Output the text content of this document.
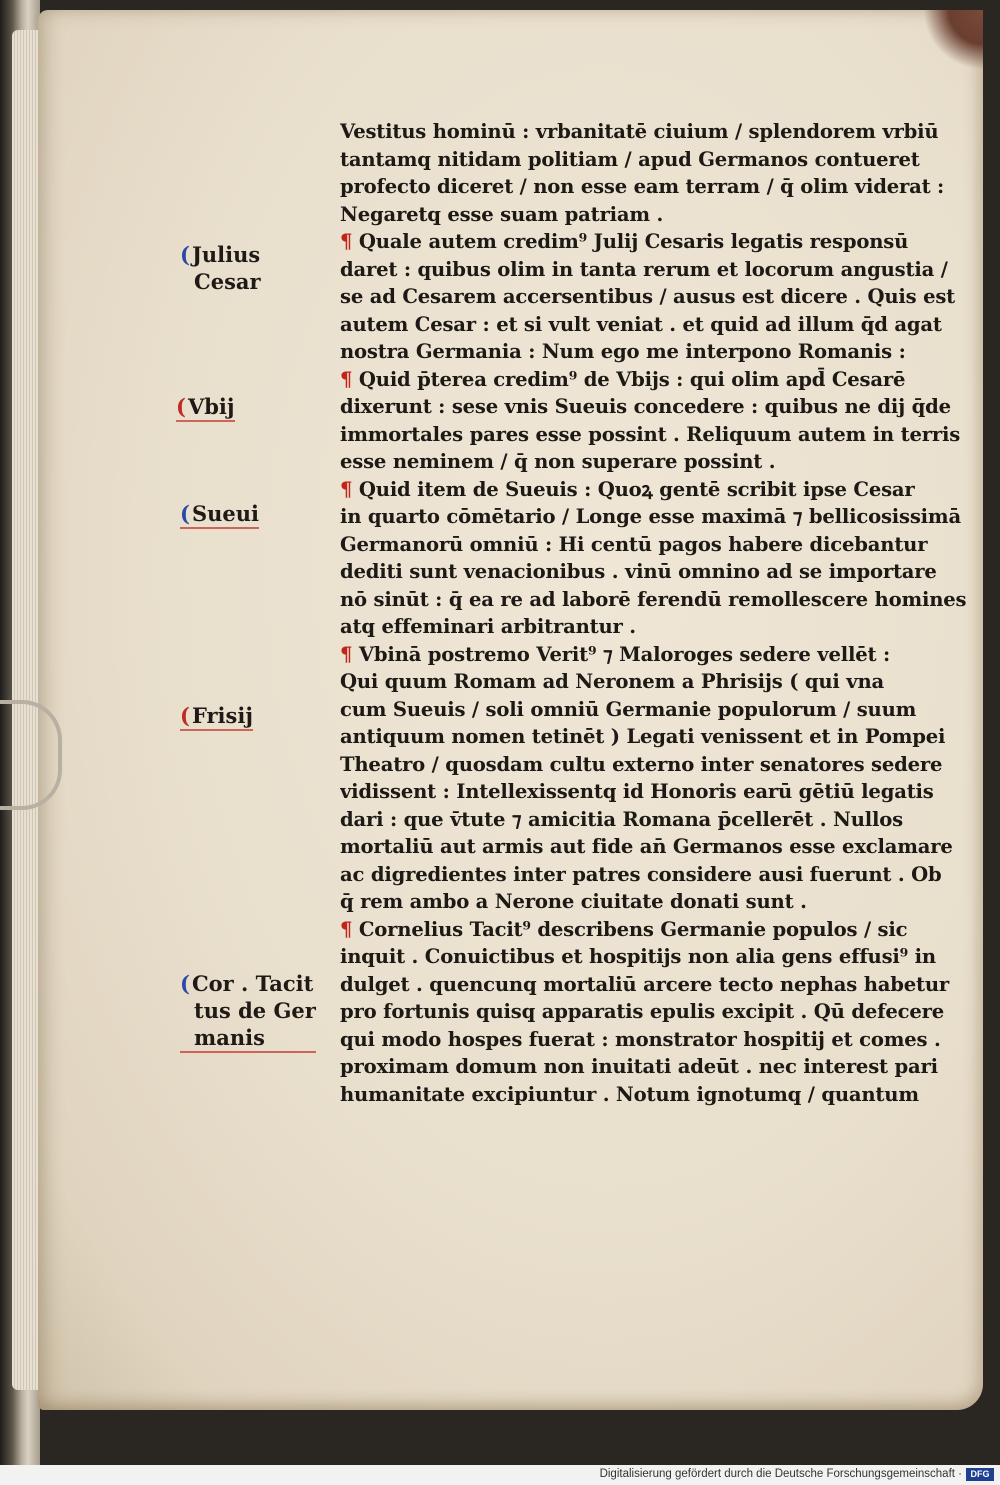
(Julius
Cesar
(Vbij
(Sueui
(Frisij
(Cor . Tacit
tus de Ger
manis
Vestitus hominū : vrbanitatē ciuium / splendorem vrbiū
tantamq̧ nitidam politiam / apud Germanos contueret
profecto diceret / non esse eam terram / q̄ olim viderat :
Negaretq̧ esse suam patriam .
¶ Quale autem credim⁹ Julij Cesaris legatis responsū
daret : quibus olim in tanta rerum et locorum angustia /
se ad Cesarem accersentibus / ausus est dicere . Quis est
autem Cesar : et si vult veniat . et quid ad illum q̄d agat
nostra Germania : Num ego me interpono Romanis :
¶ Quid p̄terea credim⁹ de Vbijs : qui olim apd̄ Cesarē
dixerunt : sese vnis Sueuis concedere : quibus ne dij q̄de
immortales pares esse possint . Reliquum autem in terris
esse neminem / q̄ non superare possint .
¶ Quid item de Sueuis : Quoꝝ gentē scribit ipse Cesar
in quarto cōmētario / Longe esse maximā ⁊ bellicosissimā
Germanorū omniū : Hi centū pagos habere dicebantur
dediti sunt venacionibus . vinū omnino ad se importare
nō sinūt : q̄ ea re ad laborē ferendū remollescere homines
atq̧ effeminari arbitrantur .
¶ Vbinā postremo Verit⁹ ⁊ Maloroges sedere vellēt :
Qui quum Romam ad Neronem a Phrisijs ( qui vna
cum Sueuis / soli omniū Germanie populorum / suum
antiquum nomen tetinēt ) Legati venissent et in Pompei
Theatro / quosdam cultu externo inter senatores sedere
vidissent : Intellexissentq̧ id Honoris earū gētiū legatis
dari : que v̄tute ⁊ amicitia Romana p̄cellerēt . Nullos
mortaliū aut armis aut fide an̄ Germanos esse exclamare
ac digredientes inter patres considere ausi fuerunt . Ob
q̄ rem ambo a Nerone ciuitate donati sunt .
¶ Cornelius Tacit⁹ describens Germanie populos / sic
inquit . Conuictibus et hospitijs non alia gens effusi⁹ in
dulget . quencunq̧ mortaliū arcere tecto nephas habetur
pro fortunis quisq̧ apparatis epulis excipit . Qū defecere
qui modo hospes fuerat : monstrator hospitij et comes .
proximam domum non inuitati adeūt . nec interest pari
humanitate excipiuntur . Notum ignotumq̧ / quantum
Digitalisierung gefördert durch die Deutsche Forschungsgemeinschaft · DFG
